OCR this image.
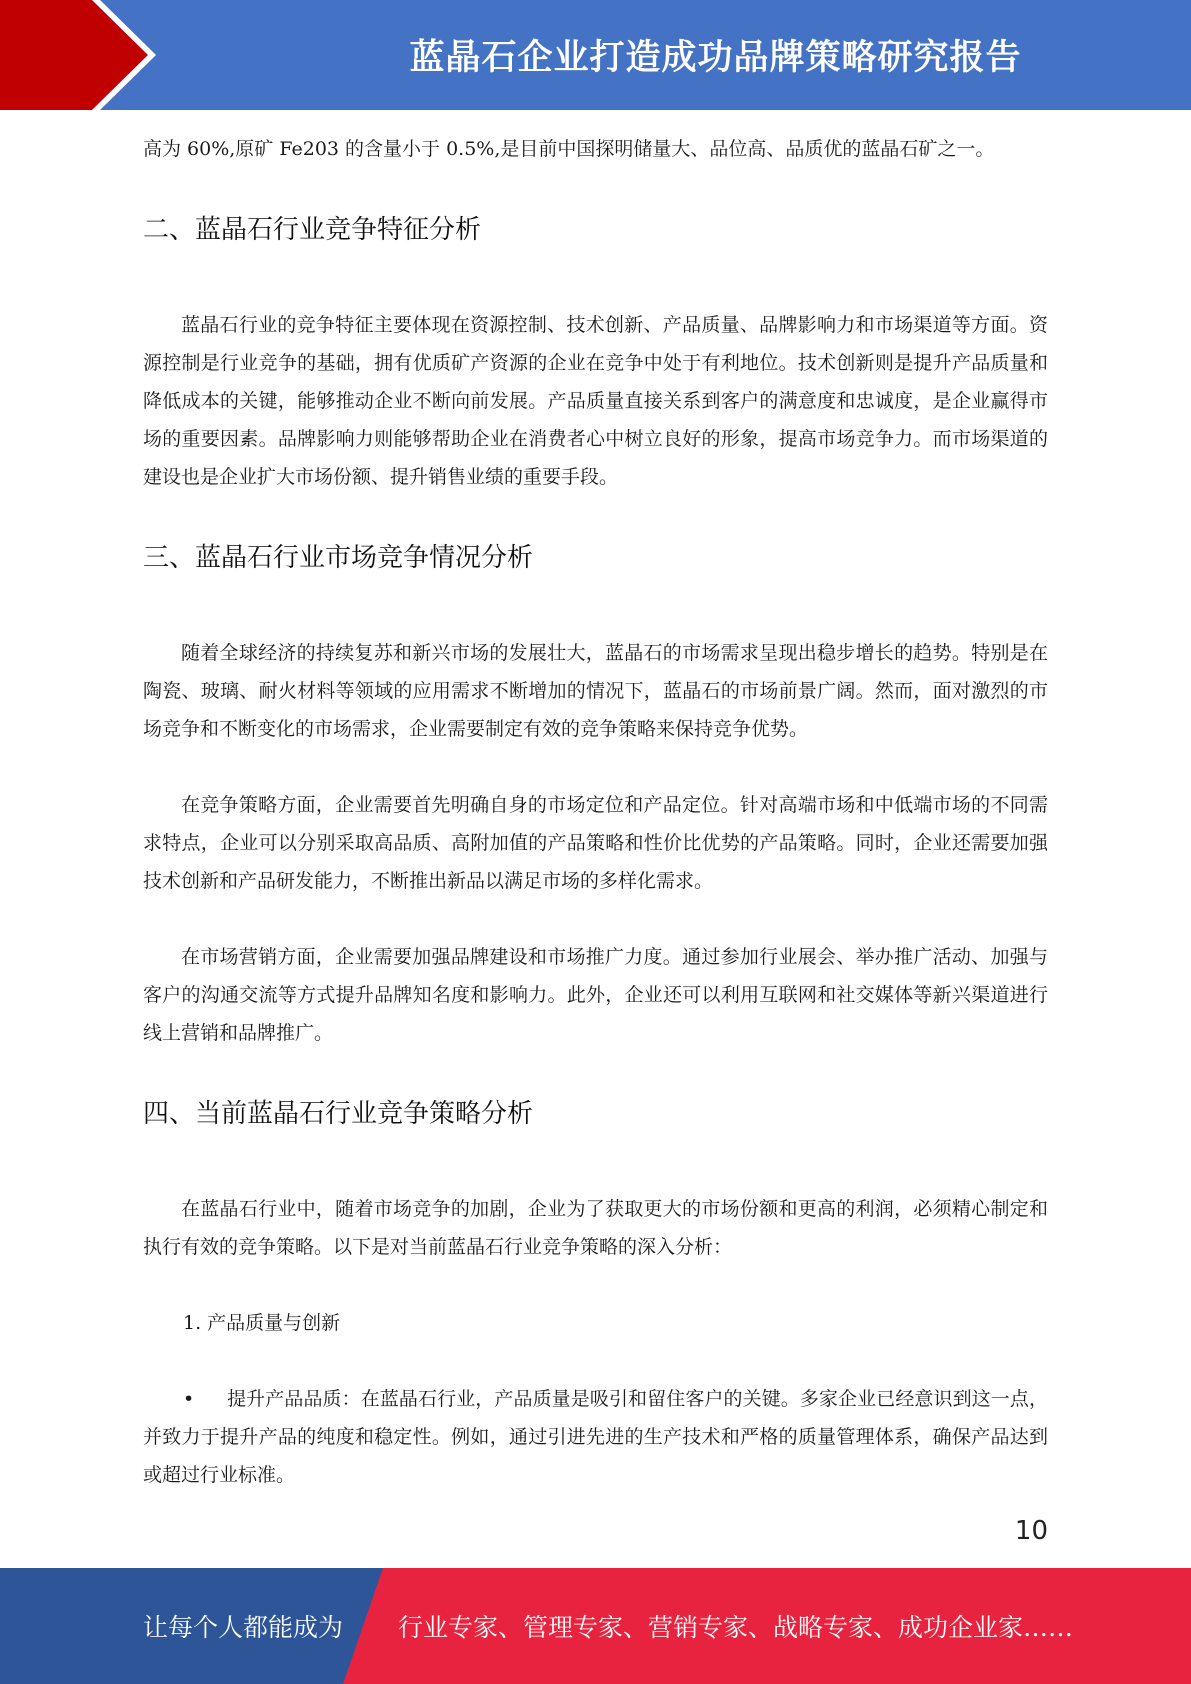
蓝晶石企业打造成功品牌策略研究报告

高为 60%,原矿 Fe203 的含量小于 0.5%,是目前中国探明储量大、品位高、品质优的蓝晶石矿之一。

二、蓝晶石行业竞争特征分析

蓝晶石行业的竞争特征主要体现在资源控制、技术创新、产品质量、品牌影响力和市场渠道等方面。资源控制是行业竞争的基础，拥有优质矿产资源的企业在竞争中处于有利地位。技术创新则是提升产品质量和降低成本的关键，能够推动企业不断向前发展。产品质量直接关系到客户的满意度和忠诚度，是企业赢得市场的重要因素。品牌影响力则能够帮助企业在消费者心中树立良好的形象，提高市场竞争力。而市场渠道的建设也是企业扩大市场份额、提升销售业绩的重要手段。

三、蓝晶石行业市场竞争情况分析

随着全球经济的持续复苏和新兴市场的发展壮大，蓝晶石的市场需求呈现出稳步增长的趋势。特别是在陶瓷、玻璃、耐火材料等领域的应用需求不断增加的情况下，蓝晶石的市场前景广阔。然而，面对激烈的市场竞争和不断变化的市场需求，企业需要制定有效的竞争策略来保持竞争优势。

在竞争策略方面，企业需要首先明确自身的市场定位和产品定位。针对高端市场和中低端市场的不同需求特点，企业可以分别采取高品质、高附加值的产品策略和性价比优势的产品策略。同时，企业还需要加强技术创新和产品研发能力，不断推出新品以满足市场的多样化需求。

在市场营销方面，企业需要加强品牌建设和市场推广力度。通过参加行业展会、举办推广活动、加强与客户的沟通交流等方式提升品牌知名度和影响力。此外，企业还可以利用互联网和社交媒体等新兴渠道进行线上营销和品牌推广。

四、当前蓝晶石行业竞争策略分析

在蓝晶石行业中，随着市场竞争的加剧，企业为了获取更大的市场份额和更高的利润，必须精心制定和执行有效的竞争策略。以下是对当前蓝晶石行业竞争策略的深入分析：

1. 产品质量与创新
• 提升产品品质：在蓝晶石行业，产品质量是吸引和留住客户的关键。多家企业已经意识到这一点，并致力于提升产品的纯度和稳定性。例如，通过引进先进的生产技术和严格的质量管理体系，确保产品达到或超过行业标准。
10
让每个人都能成为 行业专家、管理专家、营销专家、战略专家、成功企业家……
